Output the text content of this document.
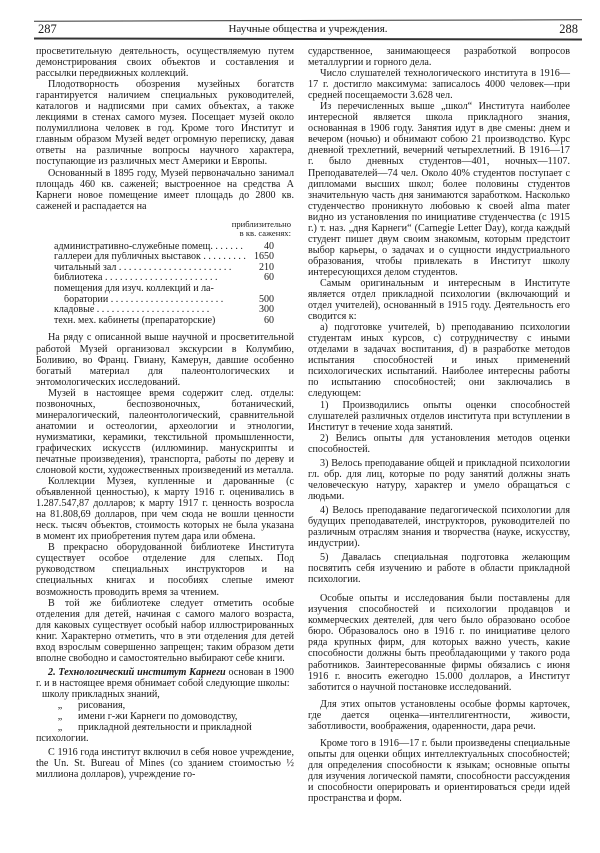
287	Научные общества и учреждения.	288

просветительную деятельность, осуществляемую путем демонстрирования своих объектов и составления и рассылки передвижных коллекций.

Плодотворность обозрения музейных богатств гарантируется наличием специальных руководителей, каталогов и надписями при самих объектах, а также лекциями в стенах самого музея. Посещает музей около полумиллиона человек в год. Кроме того Институт и главным образом Музей ведет огромную переписку, давая ответы на различные вопросы научного характера, поступающие из различных мест Америки и Европы.

Основанный в 1895 году, Музей первоначально занимал площадь 460 кв. саженей; выстроенное на средства А Карнеги новое помещение имеет площадь до 2800 кв. саженей и распадается на

приблизительно
в кв. саженях:
административно-служебные помещ. . . .	40
галлереи для публичных выставок . . .	1650
читальный зал . . .	210
библиотека . . .	60
помещения для изуч. коллекций и ла-
боратории . . .	500
кладовые . . .	300
техн. мех. кабинеты (препараторские)	60

На ряду с описанной выше научной и просветительной работой Музей организовал экскурсии в Колумбию, Боливию, во Франц. Гвиану, Камерун, давшие особенно богатый материал для палеонтологических и энтомологических исследований.

Музей в настоящее время содержит след. отделы: позвоночных, беспозвоночных, ботанический, минералогический, палеонтологический, сравнительной анатомии и остеологии, археологии и этнологии, нумизматики, керамики, текстильной промышленности, графических искусств (иллюминир. манускрипты и печатные произведения), транспорта, работы по дереву и слоновой кости, художественных произведений из металла.

Коллекции Музея, купленные и дарованные (с объявленной ценностью), к марту 1916 г. оценивались в 1.287.547,87 долларов; к марту 1917 г. ценность возросла на 81.808,69 долларов, при чем сюда не вошли ценности неск. тысяч объектов, стоимость которых не была указана в момент их приобретения путем дара или обмена.

В прекрасно оборудованной библиотеке Института существует особое отделение для слепых. Под руководством специальных инструкторов и на специальных книгах и пособиях слепые имеют возможность проводить время за чтением.

В той же библиотеке следует отметить особые отделения для детей, начиная с самого малого возраста, для каковых существует особый набор иллюстрированных книг. Характерно отметить, что в эти отделения для детей вход взрослым совершенно запрещен; таким образом дети вполне свободно и самостоятельно выбирают себе книги.

2. Технологический институт Карнеги основан в 1900 г. и в настоящее время обнимает собой следующие школы:

школу прикладных знаний,
„	рисования,
„	имени г-жи Карнеги по домоводству,
„	прикладной деятельности и прикладной

психологии.

С 1916 года институт включил в себя новое учреждение, the Un. St. Bureau of Mines (со зданием стоимостью ½ миллиона долларов), учреждение го-

сударственное, занимающееся разработкой вопросов металлургии и горного дела.

Число слушателей технологического института в 1916—17 г. достигло максимума: записалось 4000 человек—при средней посещаемости 3.628 чел.

Из перечисленных выше „школ“ Института наиболее интересной является школа прикладного знания, основанная в 1906 году. Занятия идут в две смены: днем и вечером (ночью) и обнимают собою 21 производство. Курс дневной трехлетний, вечерний четырехлетний. В 1916—17 г. было дневных студентов—401, ночных—1107. Преподавателей—74 чел. Около 40% студентов поступает с дипломами высших школ; более половины студентов значительную часть дня занимаются заработком. Насколько студенчество проникнуто любовью к своей alma mater видно из установления по инициативе студенчества (с 1915 г.) т. наз. „дня Карнеги“ (Carnegie Letter Day), когда каждый студент пишет двум своим знакомым, которым предстоит выбор карьеры, о задачах и о сущности индустриального образования, чтобы привлекать в Институт школу интересующихся делом студентов.

Самым оригинальным и интересным в Институте является отдел прикладной психологии (включающий и отдел учителей), основанный в 1915 году. Деятельность его сводится к:

a) подготовке учителей, b) преподаванию психологии студентам иных курсов, c) сотрудничеству с иными отделами в задачах воспитания, d) в разработке методов испытания способностей и иных применений психологических испытаний. Наиболее интересны работы по испытанию способностей; они заключались в следующем:

1) Производились опыты оценки способностей слушателей различных отделов института при вступлении в Институт в течение хода занятий.

2) Велись опыты для установления методов оценки способностей.

3) Велось преподавание общей и прикладной психологии гл. обр. для лиц, которые по роду занятий должны знать человеческую натуру, характер и умело обращаться с людьми.

4) Велось преподавание педагогической психологии для будущих преподавателей, инструкторов, руководителей по различным отраслям знания и творчества (науке, искусству, индустрии).

5) Давалась специальная подготовка желающим посвятить себя изучению и работе в области прикладной психологии.

Особые опыты и исследования были поставлены для изучения способностей и психологии продавцов и коммерческих деятелей, для чего было образовано особое бюро. Образовалось оно в 1916 г. по инициативе целого ряда крупных фирм, для которых важно учесть, какие способности должны быть преобладающими у такого рода работников. Заинтересованные фирмы обязались с июня 1916 г. вносить ежегодно 15.000 долларов, а Институт заботится о научной постановке исследований.

Для этих опытов установлены особые формы карточек, где дается оценка—интеллигентности, живости, заботливости, воображения, одаренности, дара речи.

Кроме того в 1916—17 г. были произведены специальные опыты для оценки общих интеллектуальных способностей; для определения способности к языкам; основные опыты для изучения логической памяти, способности рассуждения и способности оперировать и ориентироваться среди идей пространства и форм.
